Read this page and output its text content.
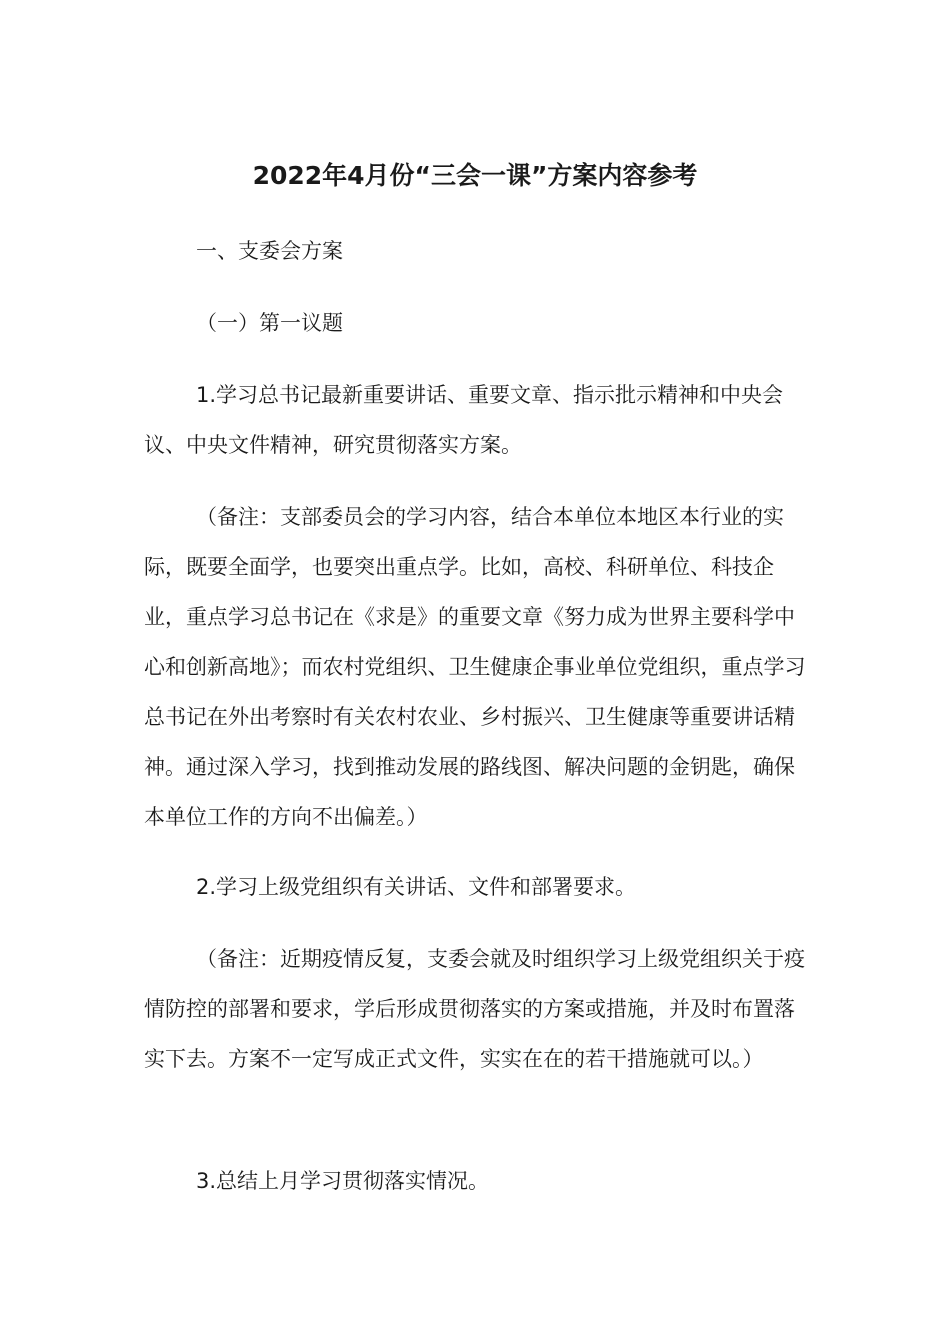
2022年4月份“三会一课”方案内容参考

一、支委会方案

（一）第一议题

1.学习总书记最新重要讲话、重要文章、指示批示精神和中央会议、中央文件精神，研究贯彻落实方案。

（备注：支部委员会的学习内容，结合本单位本地区本行业的实际，既要全面学，也要突出重点学。比如，高校、科研单位、科技企业，重点学习总书记在《求是》的重要文章《努力成为世界主要科学中心和创新高地》；而农村党组织、卫生健康企事业单位党组织，重点学习总书记在外出考察时有关农村农业、乡村振兴、卫生健康等重要讲话精神。通过深入学习，找到推动发展的路线图、解决问题的金钥匙，确保本单位工作的方向不出偏差。）

2.学习上级党组织有关讲话、文件和部署要求。

（备注：近期疫情反复，支委会就及时组织学习上级党组织关于疫情防控的部署和要求，学后形成贯彻落实的方案或措施，并及时布置落实下去。方案不一定写成正式文件，实实在在的若干措施就可以。）

3.总结上月学习贯彻落实情况。
